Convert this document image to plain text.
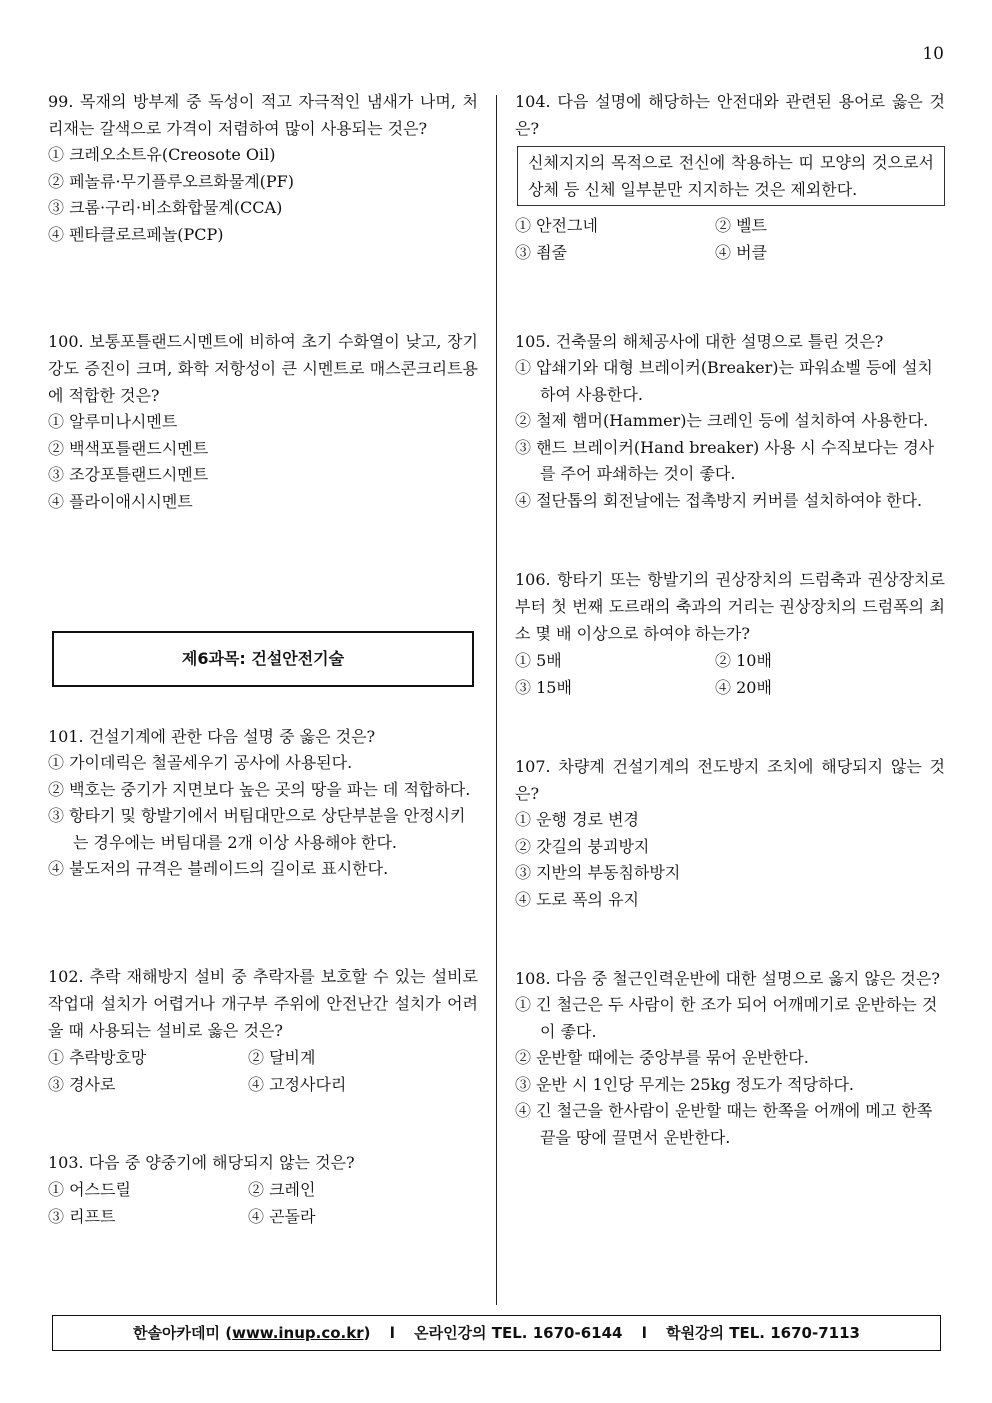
10
99. 목재의 방부제 중 독성이 적고 자극적인 냄새가 나며, 처리재는 갈색으로 가격이 저렴하여 많이 사용되는 것은?
① 크레오소트유(Creosote Oil)
② 페놀류·무기플루오르화물계(PF)
③ 크롬·구리·비소화합물계(CCA)
④ 펜타클로르페놀(PCP)
100. 보통포틀랜드시멘트에 비하여 초기 수화열이 낮고, 장기강도 증진이 크며, 화학 저항성이 큰 시멘트로 매스콘크리트용에 적합한 것은?
① 알루미나시멘트
② 백색포틀랜드시멘트
③ 조강포틀랜드시멘트
④ 플라이애시시멘트
제6과목: 건설안전기술
101. 건설기계에 관한 다음 설명 중 옳은 것은?
① 가이데릭은 철골세우기 공사에 사용된다.
② 백호는 중기가 지면보다 높은 곳의 땅을 파는 데 적합하다.
③ 항타기 및 항발기에서 버팀대만으로 상단부분을 안정시키는 경우에는 버팀대를 2개 이상 사용해야 한다.
④ 불도저의 규격은 블레이드의 길이로 표시한다.
102. 추락 재해방지 설비 중 추락자를 보호할 수 있는 설비로 작업대 설치가 어렵거나 개구부 주위에 안전난간 설치가 어려울 때 사용되는 설비로 옳은 것은?
① 추락방호망	② 달비계
③ 경사로	④ 고정사다리
103. 다음 중 양중기에 해당되지 않는 것은?
① 어스드릴	② 크레인
③ 리프트	④ 곤돌라
104. 다음 설명에 해당하는 안전대와 관련된 용어로 옳은 것은?
신체지지의 목적으로 전신에 착용하는 띠 모양의 것으로서 상체 등 신체 일부분만 지지하는 것은 제외한다.
① 안전그네	② 벨트
③ 죔줄	④ 버클
105. 건축물의 해체공사에 대한 설명으로 틀린 것은?
① 압쇄기와 대형 브레이커(Breaker)는 파워쇼벨 등에 설치하여 사용한다.
② 철제 햄머(Hammer)는 크레인 등에 설치하여 사용한다.
③ 핸드 브레이커(Hand breaker) 사용 시 수직보다는 경사를 주어 파쇄하는 것이 좋다.
④ 절단톱의 회전날에는 접촉방지 커버를 설치하여야 한다.
106. 항타기 또는 항발기의 권상장치의 드럼축과 권상장치로부터 첫 번째 도르래의 축과의 거리는 권상장치의 드럼폭의 최소 몇 배 이상으로 하여야 하는가?
① 5배	② 10배
③ 15배	④ 20배
107. 차량계 건설기계의 전도방지 조치에 해당되지 않는 것은?
① 운행 경로 변경
② 갓길의 붕괴방지
③ 지반의 부동침하방지
④ 도로 폭의 유지
108. 다음 중 철근인력운반에 대한 설명으로 옳지 않은 것은?
① 긴 철근은 두 사람이 한 조가 되어 어깨메기로 운반하는 것이 좋다.
② 운반할 때에는 중앙부를 묶어 운반한다.
③ 운반 시 1인당 무게는 25kg 정도가 적당하다.
④ 긴 철근을 한사람이 운반할 때는 한쪽을 어깨에 메고 한쪽 끝을 땅에 끌면서 운반한다.
한솔아카데미 (www.inup.co.kr) l 온라인강의 TEL. 1670-6144 l 학원강의 TEL. 1670-7113
